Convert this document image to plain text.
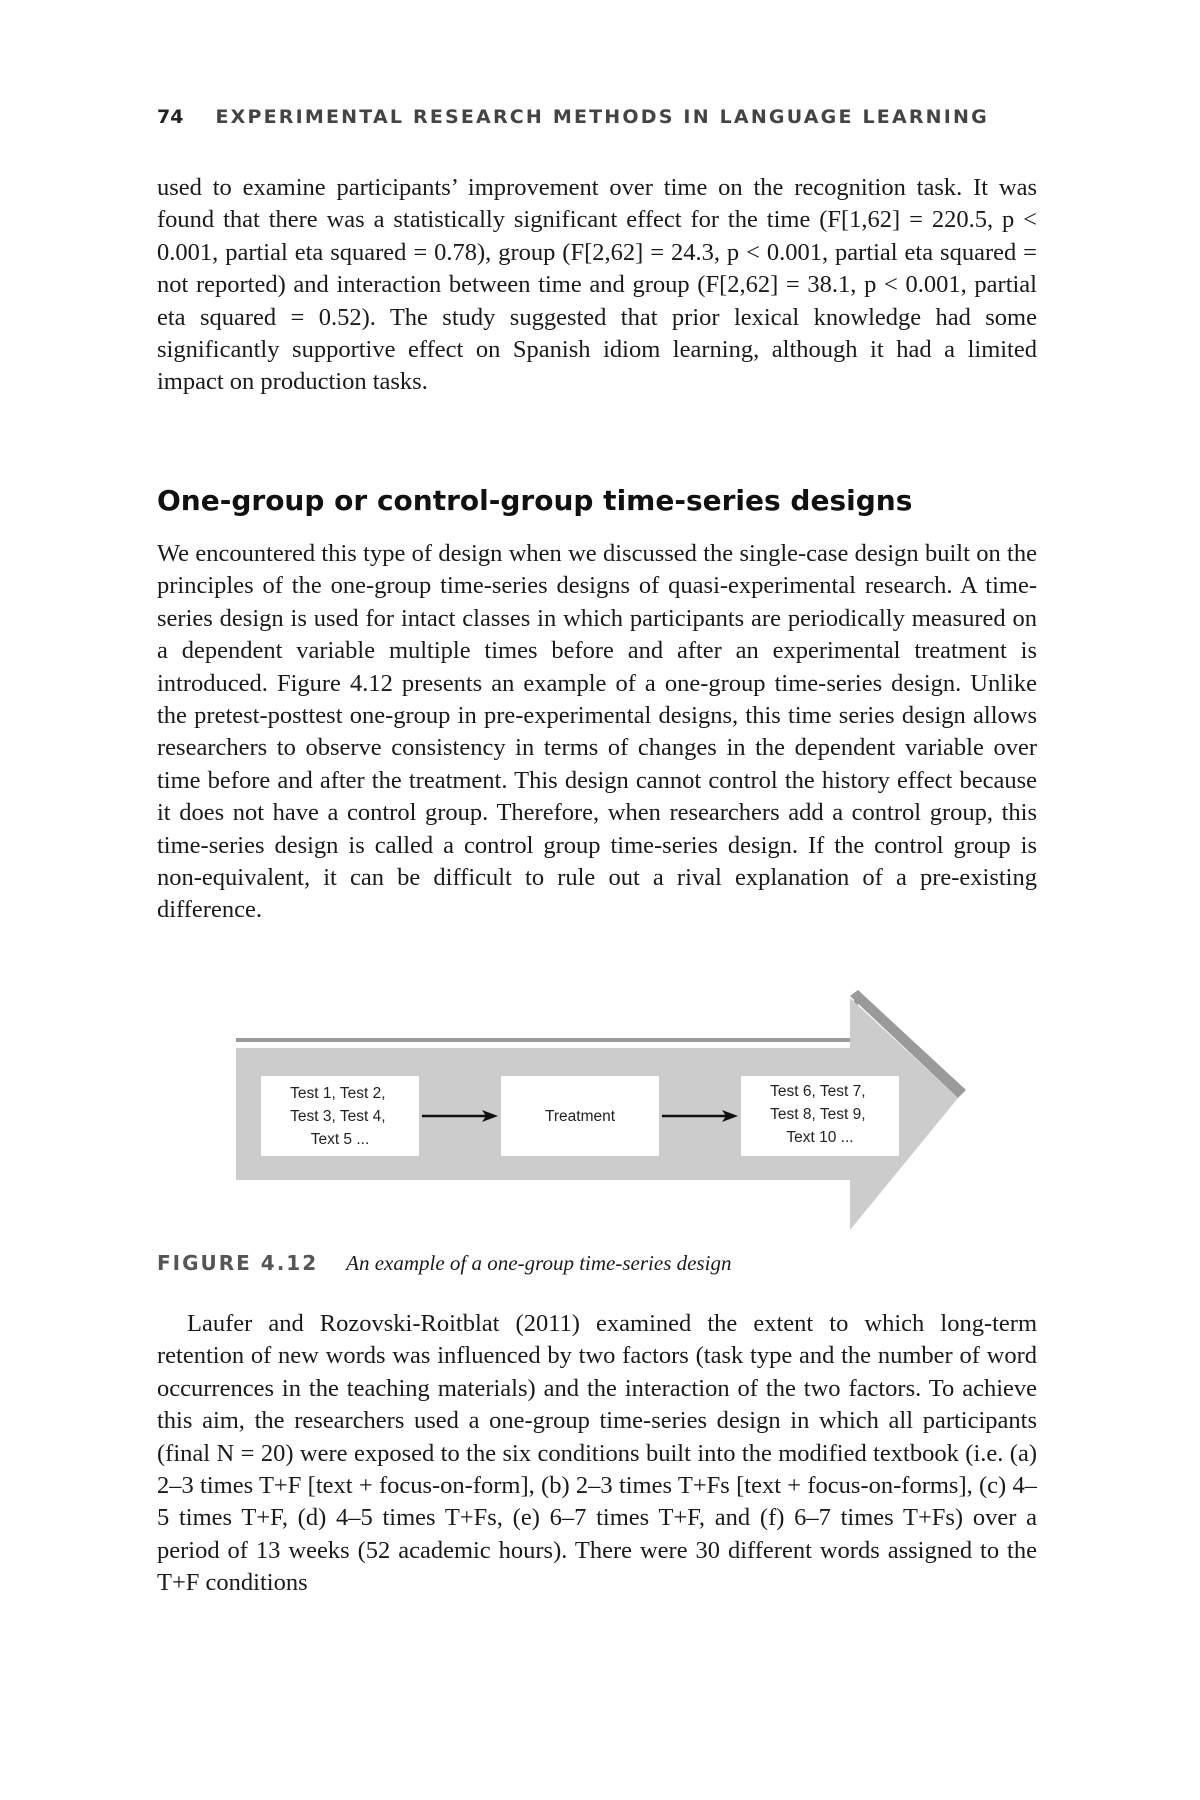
74 EXPERIMENTAL RESEARCH METHODS IN LANGUAGE LEARNING

used to examine participants’ improvement over time on the recognition task. It was found that there was a statistically significant effect for the time (F[1,62] = 220.5, p < 0.001, partial eta squared = 0.78), group (F[2,62] = 24.3, p < 0.001, partial eta squared = not reported) and interaction between time and group (F[2,62] = 38.1, p < 0.001, partial eta squared = 0.52). The study suggested that prior lexical knowledge had some significantly supportive effect on Spanish idiom learning, although it had a limited impact on production tasks.

One-group or control-group time-series designs

We encountered this type of design when we discussed the single-case design built on the principles of the one-group time-series designs of quasi-experimental research. A time-series design is used for intact classes in which participants are periodically measured on a dependent variable multiple times before and after an experimental treatment is introduced. Figure 4.12 presents an example of a one-group time-series design. Unlike the pretest-posttest one-group in pre-experimental designs, this time series design allows researchers to observe consistency in terms of changes in the dependent variable over time before and after the treatment. This design cannot control the history effect because it does not have a control group. Therefore, when researchers add a control group, this time-series design is called a control group time-series design. If the control group is non-equivalent, it can be difficult to rule out a rival explanation of a pre-existing difference.

Test 1, Test 2, Test 3, Test 4, Text 5 ...
Treatment
Test 6, Test 7, Test 8, Test 9, Text 10 ...
FIGURE 4.12 An example of a one-group time-series design

Laufer and Rozovski-Roitblat (2011) examined the extent to which long-term retention of new words was influenced by two factors (task type and the number of word occurrences in the teaching materials) and the interaction of the two factors. To achieve this aim, the researchers used a one-group time-series design in which all participants (final N = 20) were exposed to the six conditions built into the modified textbook (i.e. (a) 2–3 times T+F [text + focus-on-form], (b) 2–3 times T+Fs [text + focus-on-forms], (c) 4–5 times T+F, (d) 4–5 times T+Fs, (e) 6–7 times T+F, and (f) 6–7 times T+Fs) over a period of 13 weeks (52 academic hours). There were 30 different words assigned to the T+F conditions
